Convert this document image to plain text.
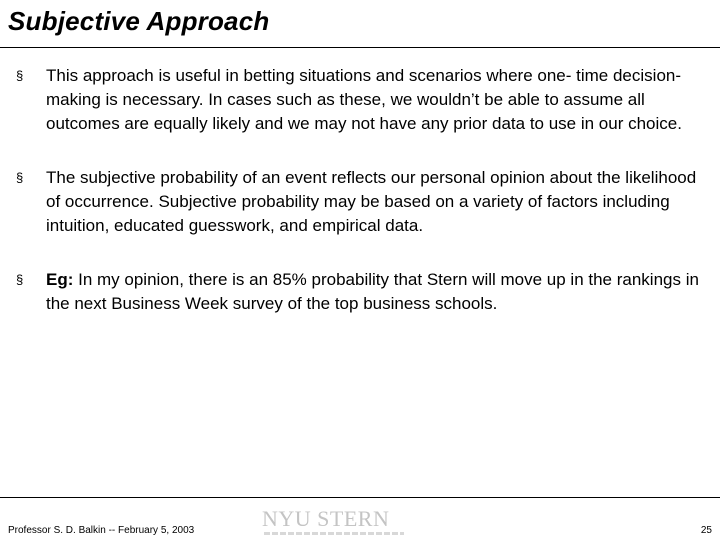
Subjective Approach
§ This approach is useful in betting situations and scenarios where one- time decision- making is necessary. In cases such as these, we wouldn’t be able to assume all outcomes are equally likely and we may not have any prior data to use in our choice.
§ The subjective probability of an event reflects our personal opinion about the likelihood of occurrence. Subjective probability may be based on a variety of factors including intuition, educated guesswork, and empirical data.
§ Eg: In my opinion, there is an 85% probability that Stern will move up in the rankings in the next Business Week survey of the top business schools.
Professor S. D. Balkin -- February 5, 2003	NYU STERN	25
